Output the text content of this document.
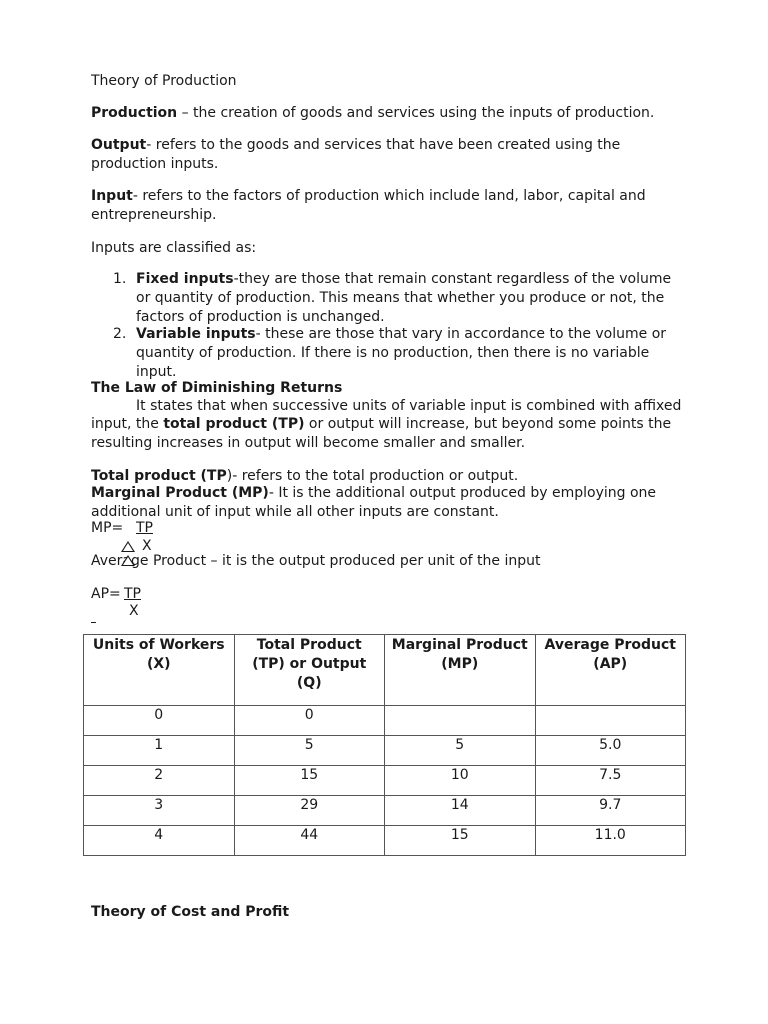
Theory of Production
Production – the creation of goods and services using the inputs of production.
Output- refers to the goods and services that have been created using the
production inputs.
Input- refers to the factors of production which include land, labor, capital and
entrepreneurship.
Inputs are classified as:
1. Fixed inputs-they are those that remain constant regardless of the volume
or quantity of production. This means that whether you produce or not, the
factors of production is unchanged.
2. Variable inputs- these are those that vary in accordance to the volume or
quantity of production. If there is no production, then there is no variable
input.
The Law of Diminishing Returns
It states that when successive units of variable input is combined with affixed
input, the total product (TP) or output will increase, but beyond some points the
resulting increases in output will become smaller and smaller.
Total product (TP)- refers to the total production or output.
Marginal Product (MP)- It is the additional output produced by employing one
additional unit of input while all other inputs are constant.
MP= TP
X
Average Product – it is the output produced per unit of the input
AP= TP
X
Units of Workers (X)	Total Product (TP) or Output (Q)	Marginal Product (MP)	Average Product (AP)
0	0		
1	5	5	5.0
2	15	10	7.5
3	29	14	9.7
4	44	15	11.0
Theory of Cost and Profit
